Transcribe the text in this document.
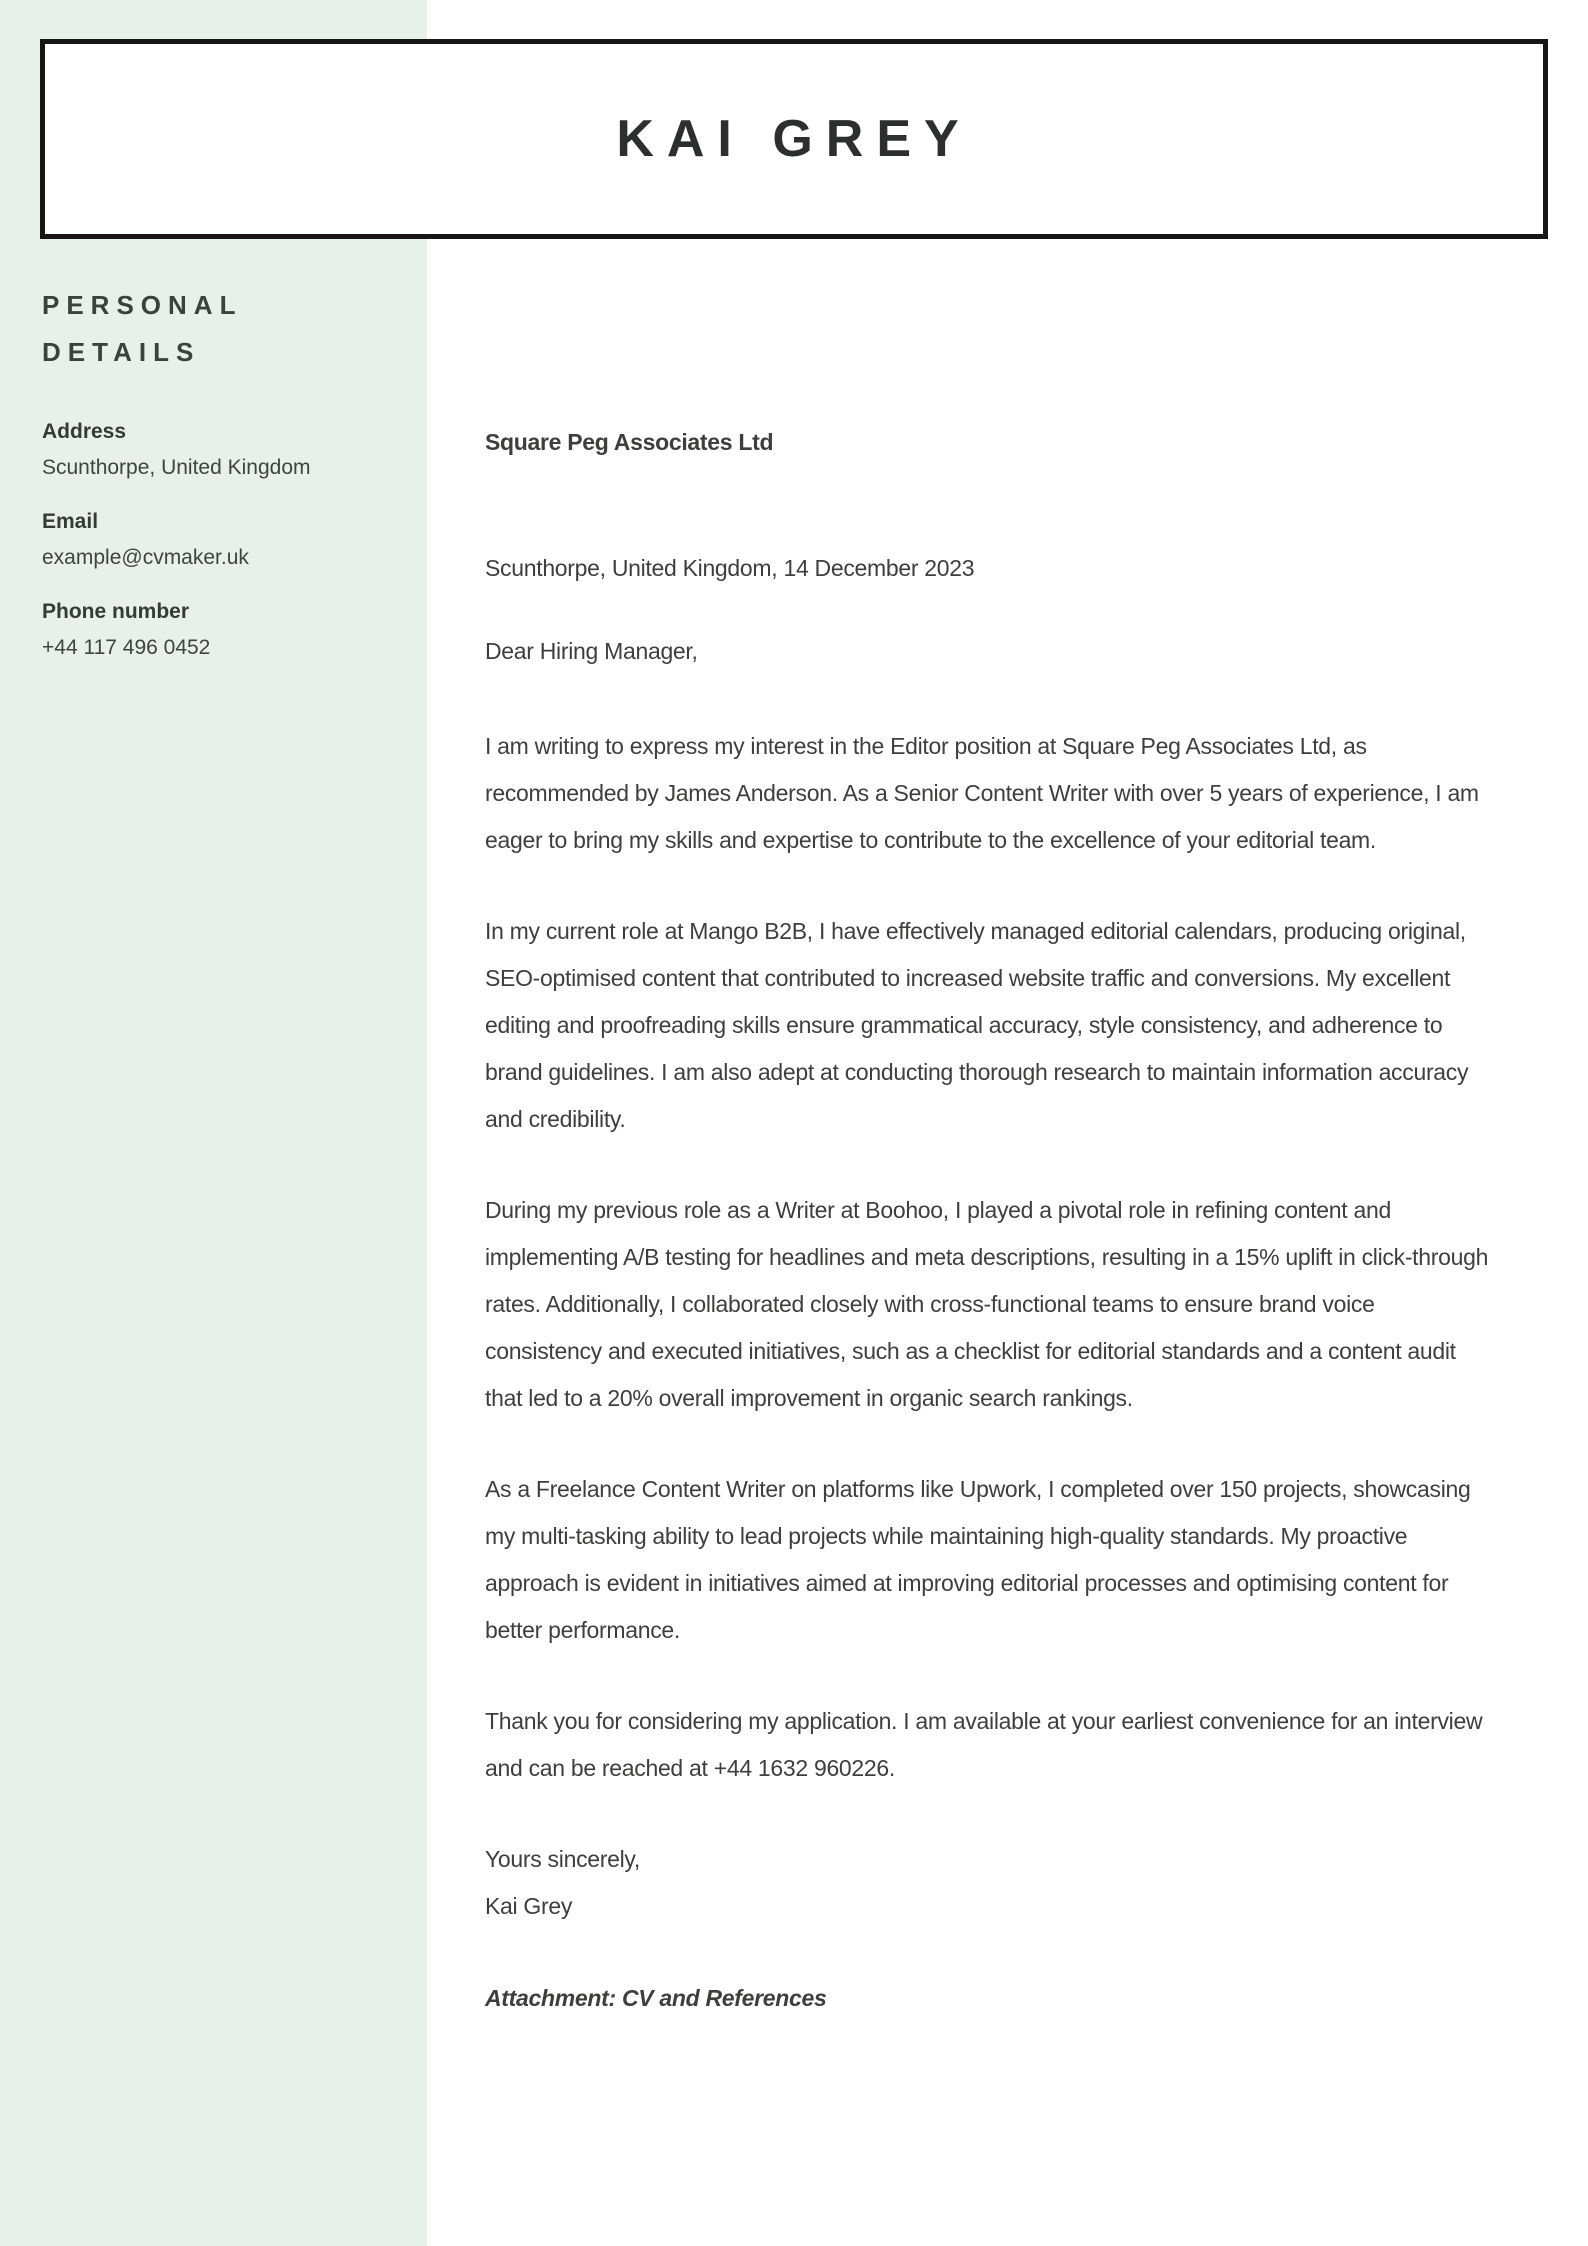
KAI GREY
PERSONAL DETAILS
Address
Scunthorpe, United Kingdom
Email
example@cvmaker.uk
Phone number
+44 117 496 0452

Square Peg Associates Ltd

Scunthorpe, United Kingdom, 14 December 2023

Dear Hiring Manager,

I am writing to express my interest in the Editor position at Square Peg Associates Ltd, as recommended by James Anderson. As a Senior Content Writer with over 5 years of experience, I am eager to bring my skills and expertise to contribute to the excellence of your editorial team.

In my current role at Mango B2B, I have effectively managed editorial calendars, producing original, SEO-optimised content that contributed to increased website traffic and conversions. My excellent editing and proofreading skills ensure grammatical accuracy, style consistency, and adherence to brand guidelines. I am also adept at conducting thorough research to maintain information accuracy and credibility.

During my previous role as a Writer at Boohoo, I played a pivotal role in refining content and implementing A/B testing for headlines and meta descriptions, resulting in a 15% uplift in click-through rates. Additionally, I collaborated closely with cross-functional teams to ensure brand voice consistency and executed initiatives, such as a checklist for editorial standards and a content audit that led to a 20% overall improvement in organic search rankings.

As a Freelance Content Writer on platforms like Upwork, I completed over 150 projects, showcasing my multi-tasking ability to lead projects while maintaining high-quality standards. My proactive approach is evident in initiatives aimed at improving editorial processes and optimising content for better performance.

Thank you for considering my application. I am available at your earliest convenience for an interview and can be reached at +44 1632 960226.

Yours sincerely,

Kai Grey

Attachment: CV and References
